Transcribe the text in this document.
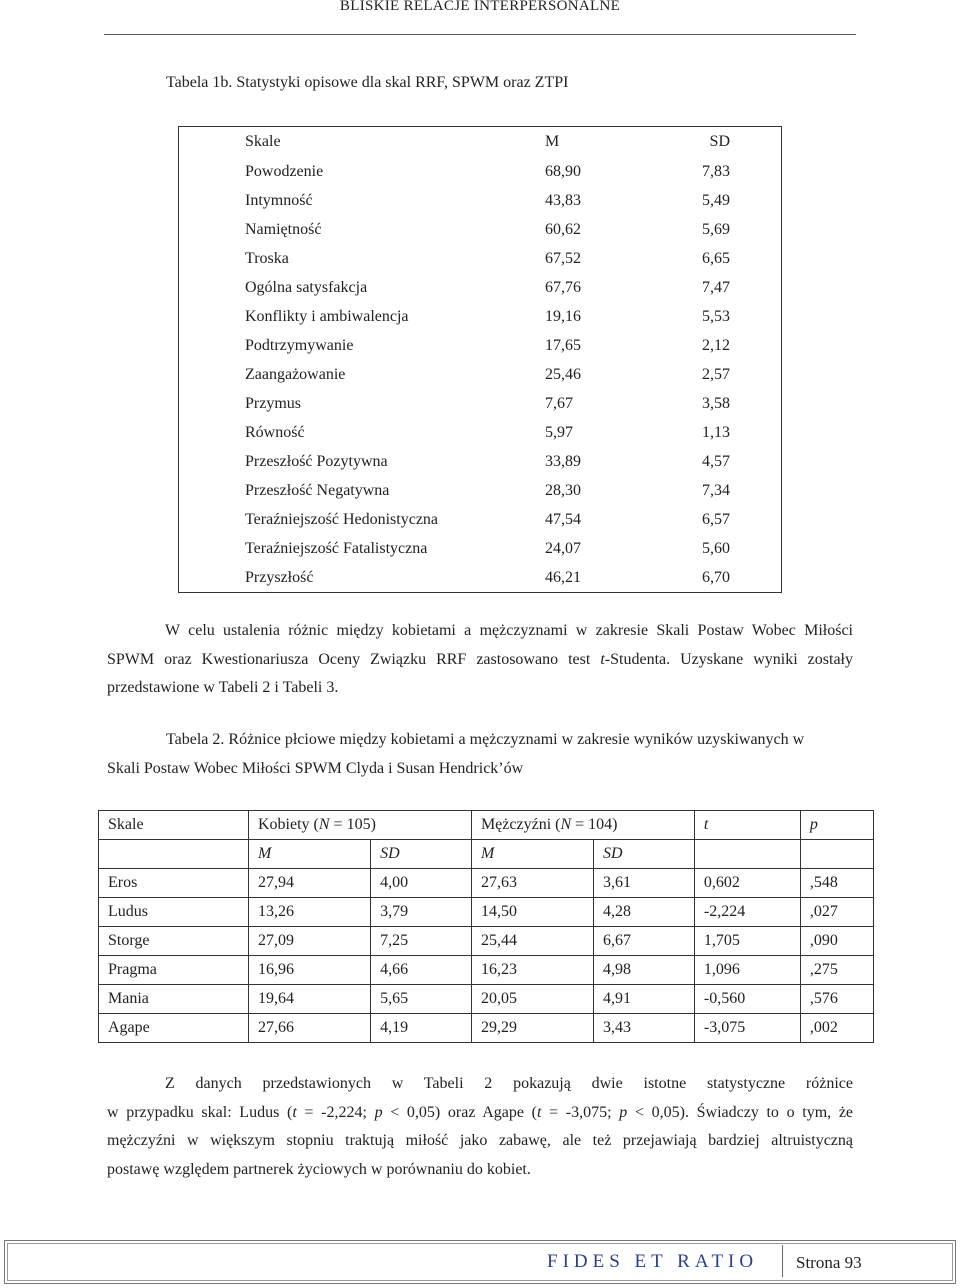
BLISKIE RELACJE INTERPERSONALNE
Tabela 1b. Statystyki opisowe dla skal RRF, SPWM oraz ZTPI
Skale	M	SD
Powodzenie	68,90	7,83
Intymność	43,83	5,49
Namiętność	60,62	5,69
Troska	67,52	6,65
Ogólna satysfakcja	67,76	7,47
Konflikty i ambiwalencja	19,16	5,53
Podtrzymywanie	17,65	2,12
Zaangażowanie	25,46	2,57
Przymus	7,67	3,58
Równość	5,97	1,13
Przeszłość Pozytywna	33,89	4,57
Przeszłość Negatywna	28,30	7,34
Teraźniejszość Hedonistyczna	47,54	6,57
Teraźniejszość Fatalistyczna	24,07	5,60
Przyszłość	46,21	6,70
W celu ustalenia różnic między kobietami a mężczyznami w zakresie Skali Postaw Wobec Miłości
SPWM oraz Kwestionariusza Oceny Związku RRF zastosowano test t-Studenta. Uzyskane wyniki zostały
przedstawione w Tabeli 2 i Tabeli 3.
Tabela 2. Różnice płciowe między kobietami a mężczyznami w zakresie wyników uzyskiwanych w
Skali Postaw Wobec Miłości SPWM Clyda i Susan Hendrick’ów
Skale	Kobiety (N = 105)		Mężczyźni (N = 104)		t	p
	M	SD	M	SD		
Eros	27,94	4,00	27,63	3,61	0,602	,548
Ludus	13,26	3,79	14,50	4,28	-2,224	,027
Storge	27,09	7,25	25,44	6,67	1,705	,090
Pragma	16,96	4,66	16,23	4,98	1,096	,275
Mania	19,64	5,65	20,05	4,91	-0,560	,576
Agape	27,66	4,19	29,29	3,43	-3,075	,002
Z danych przedstawionych w Tabeli 2 pokazują dwie istotne statystyczne różnice
w przypadku skal: Ludus (t = -2,224; p < 0,05) oraz Agape (t = -3,075; p < 0,05). Świadczy to o tym, że
mężczyźni w większym stopniu traktują miłość jako zabawę, ale też przejawiają bardziej altruistyczną
postawę względem partnerek życiowych w porównaniu do kobiet.
FIDES ET RATIO Strona 93
